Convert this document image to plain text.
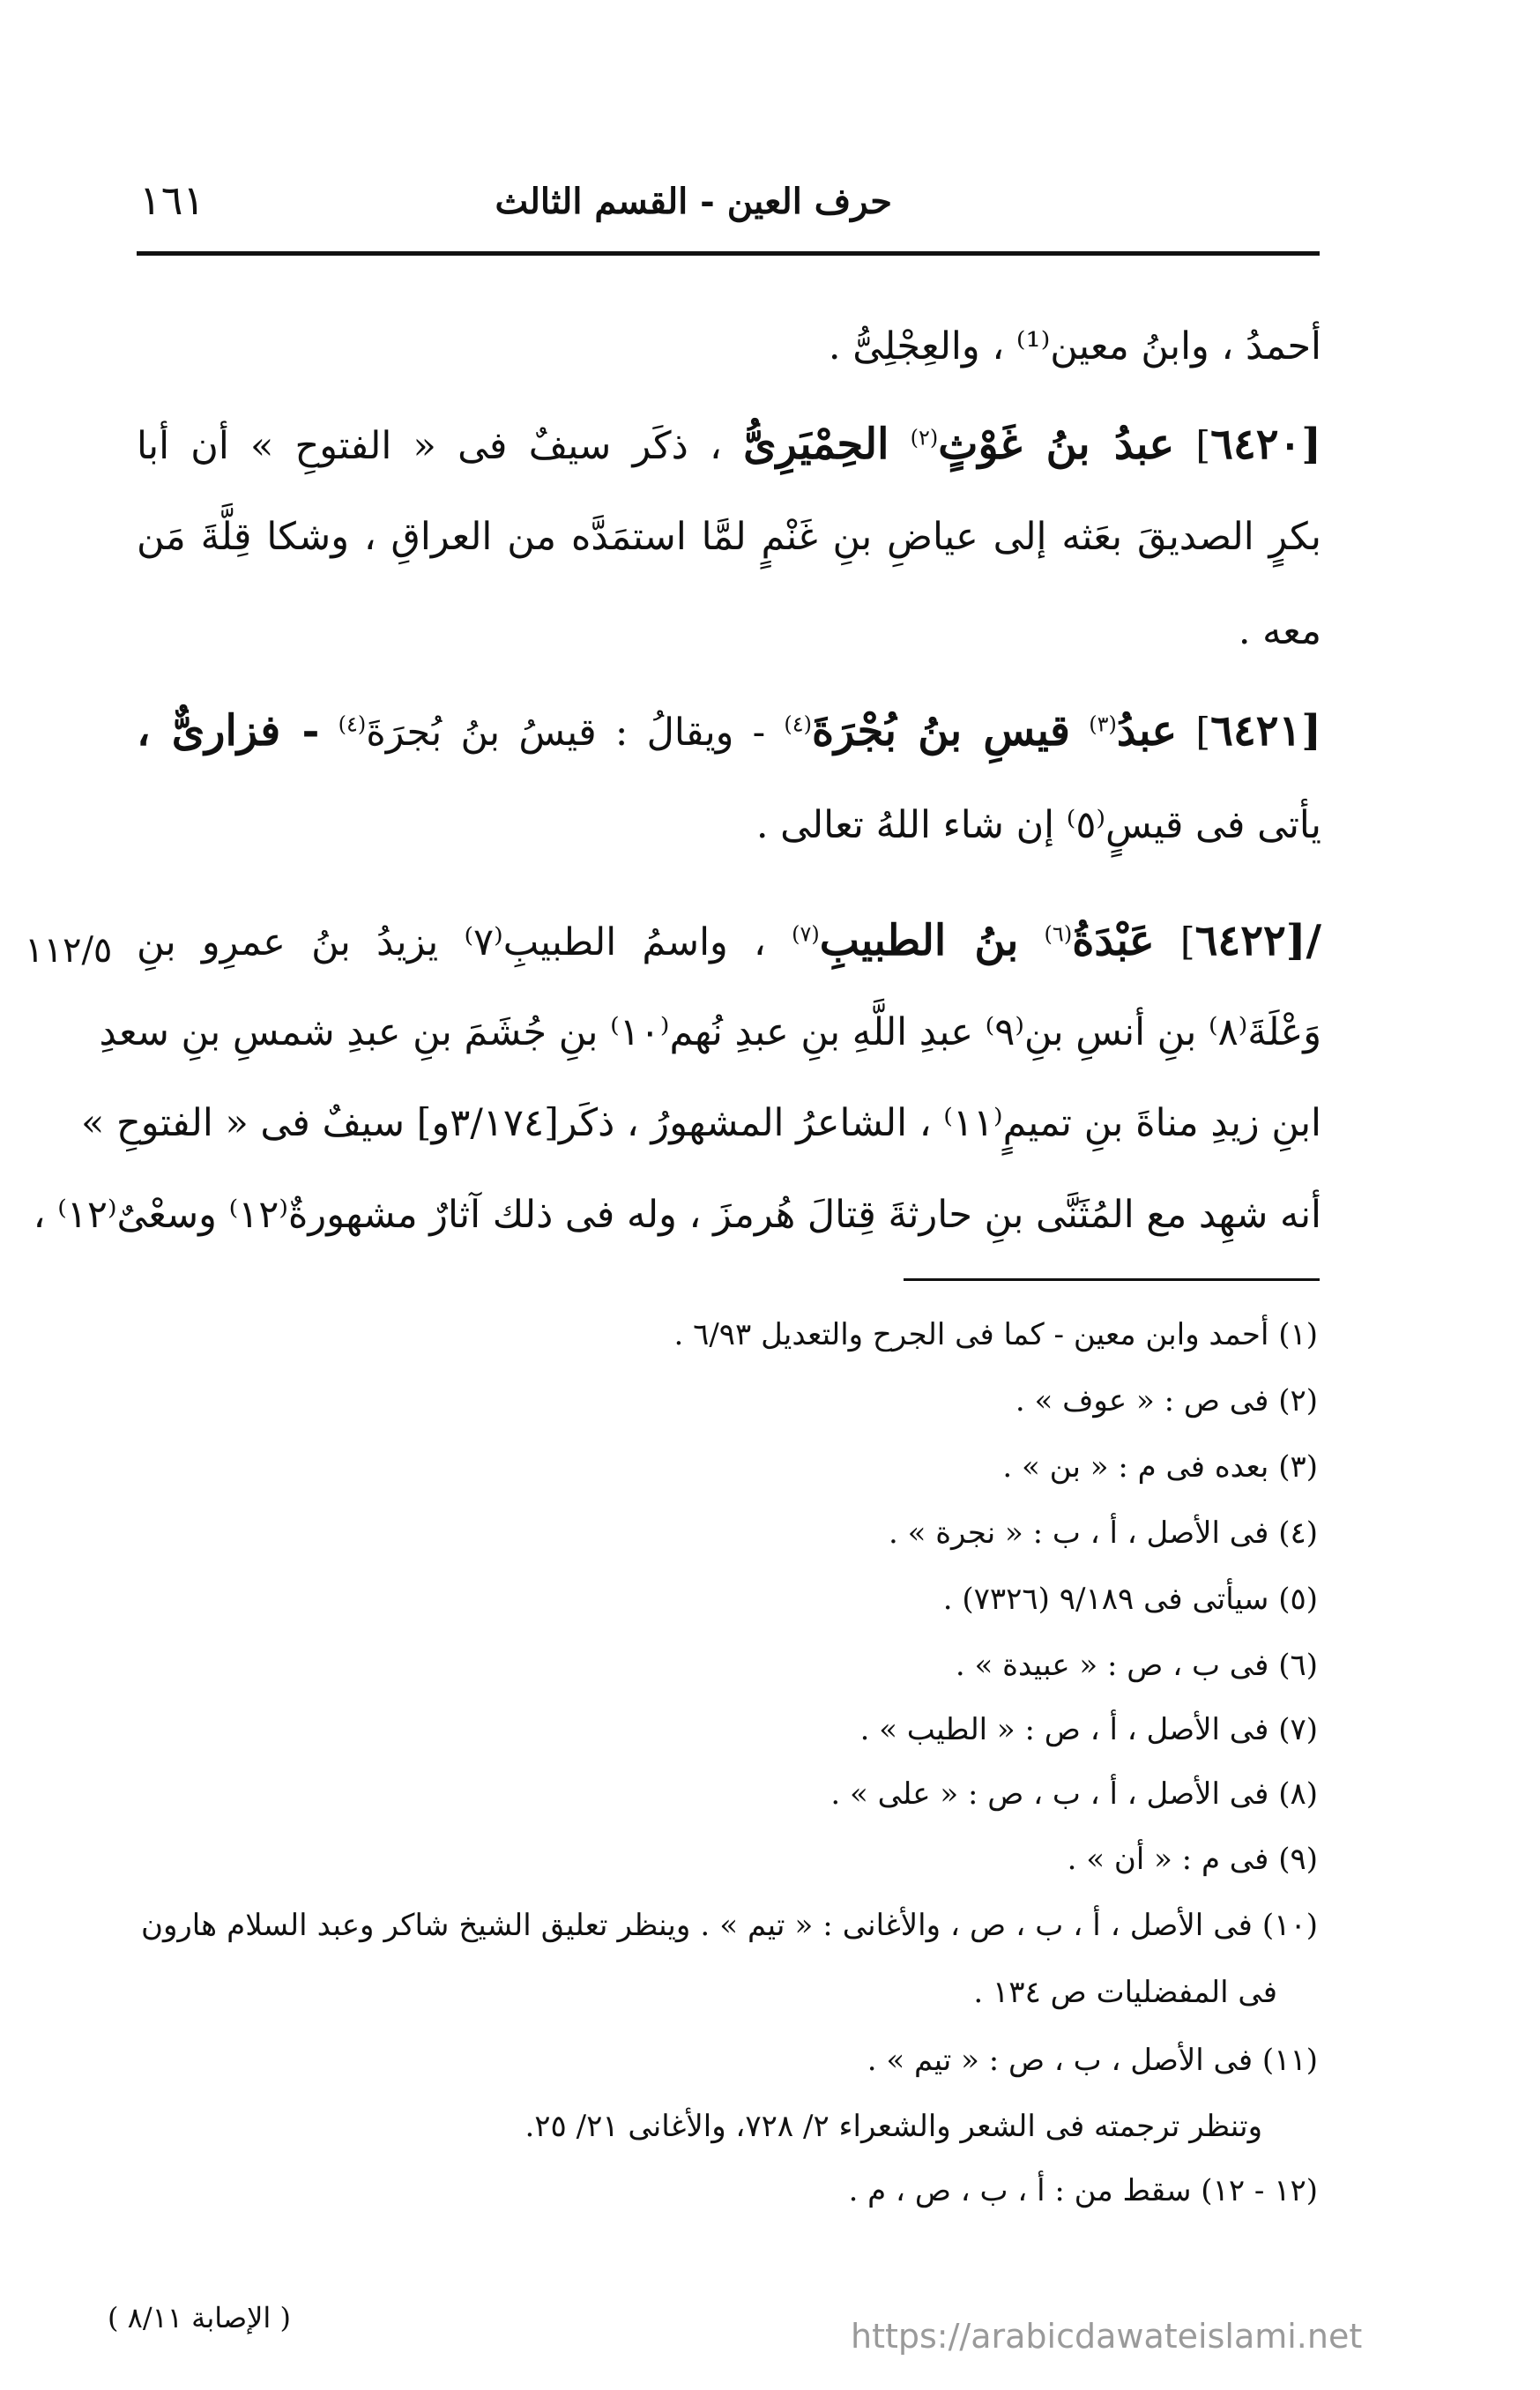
حرف العين - القسم الثالث
١٦١
أحمدُ ، وابنُ معين⁽¹⁾ ، والعِجْلِىُّ .
[٦٤٢٠] عبدُ بنُ غَوْثٍ$^{(٢)}$ الحِمْيَرِىُّ ، ذكَر سيفٌ فى « الفتوحِ » أن أبا
بكرٍ الصديقَ بعَثه إلى عياضِ بنِ غَنْمٍ لمَّا استمَدَّه من العراقِ ، وشكا قِلَّةَ مَن
معه .
[٦٤٢١] عبدُ$^{(٣)}$ قيسِ بنُ بُجْرَةَ$^{(٤)}$ - ويقالُ : قيسُ بنُ بُجرَةَ$^{(٤)}$ - فزارىٌّ ،
يأتى فى قيسٍ⁽٥⁾ إن شاء اللهُ تعالى .
/[٦٤٢٢] عَبْدَةُ$^{(٦)}$ بنُ الطبيبِ$^{(٧)}$ ، واسمُ الطبيبِ⁽٧⁾ يزيدُ بنُ عمرِو بنِ
١١٢/٥
وَعْلَةَ⁽٨⁾ بنِ أنسِ بنِ⁽٩⁾ عبدِ اللَّهِ بنِ عبدِ نُهم⁽١٠⁾ بنِ جُشَمَ بنِ عبدِ شمسِ بنِ سعدِ
ابنِ زيدِ مناةَ بنِ تميمٍ⁽١١⁾ ، الشاعرُ المشهورُ ، ذكَر[٣/١٧٤و] سيفٌ فى « الفتوحِ »
أنه شهِد مع المُثَنَّى بنِ حارثةَ قِتالَ هُرمزَ ، وله فى ذلك آثارٌ مشهورةٌ⁽١٢⁾ وسعْىٌ⁽١٢⁾ ،
(١) أحمد وابن معين - كما فى الجرح والتعديل ٦/٩٣ .
(٢) فى ص : « عوف » .
(٣) بعده فى م : « بن » .
(٤) فى الأصل ، أ ، ب : « نجرة » .
(٥) سيأتى فى ٩/١٨٩ (٧٣٢٦) .
(٦) فى ب ، ص : « عبيدة » .
(٧) فى الأصل ، أ ، ص : « الطيب » .
(٨) فى الأصل ، أ ، ب ، ص : « على » .
(٩) فى م : « أن » .
(١٠) فى الأصل ، أ ، ب ، ص ، والأغانى : « تيم » . وينظر تعليق الشيخ شاكر وعبد السلام هارون
فى المفضليات ص ١٣٤ .
(١١) فى الأصل ، ب ، ص : « تيم » .
وتنظر ترجمته فى الشعر والشعراء ٢/ ٧٢٨، والأغانى ٢١/ ٢٥.
(١٢ - ١٢) سقط من : أ ، ب ، ص ، م .
( الإصابة ٨/١١ )	https://arabicdawateislami.net
